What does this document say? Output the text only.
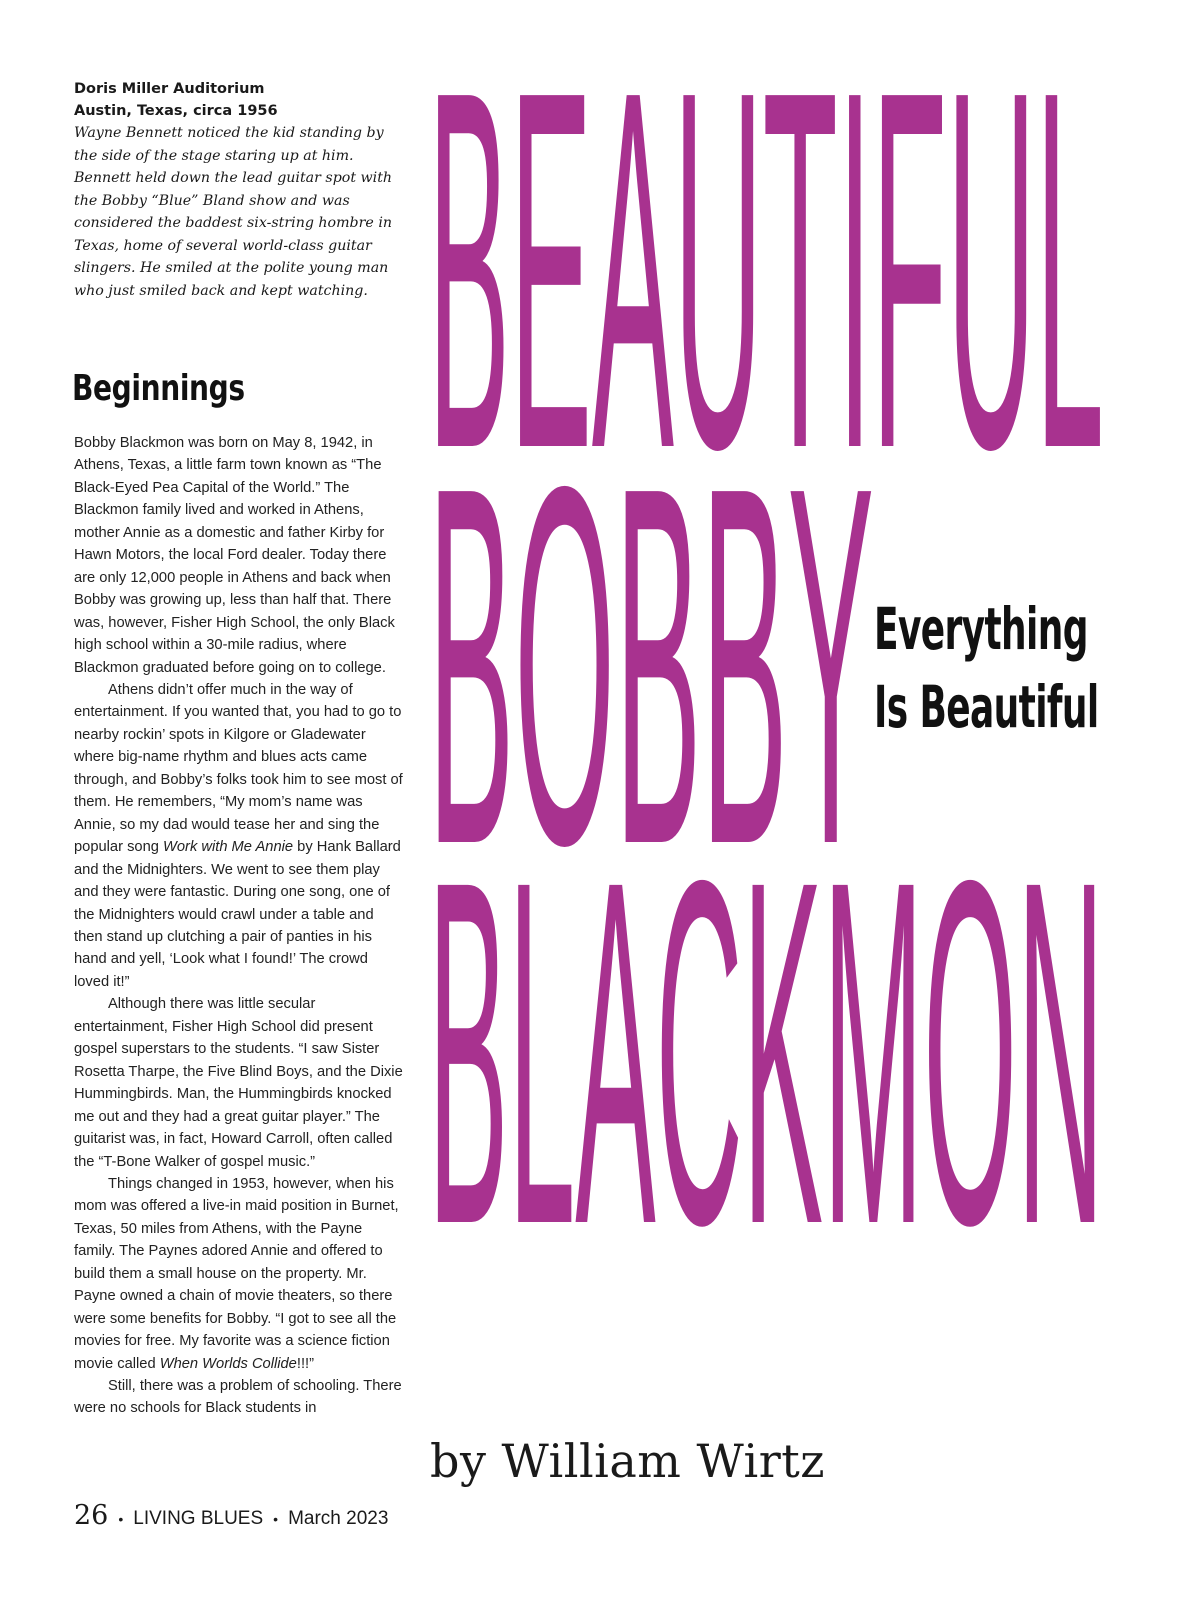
Doris Miller Auditorium
Austin, Texas, circa 1956

Wayne Bennett noticed the kid standing by the side of the stage staring up at him. Bennett held down the lead guitar spot with the Bobby “Blue” Bland show and was considered the baddest six-string hombre in Texas, home of several world-class guitar slingers. He smiled at the polite young man who just smiled back and kept watching.

Beginnings

Bobby Blackmon was born on May 8, 1942, in Athens, Texas, a little farm town known as “The Black-Eyed Pea Capital of the World.” The Blackmon family lived and worked in Athens, mother Annie as a domestic and father Kirby for Hawn Motors, the local Ford dealer. Today there are only 12,000 people in Athens and back when Bobby was growing up, less than half that. There was, however, Fisher High School, the only Black high school within a 30-mile radius, where Blackmon graduated before going on to college.

Athens didn’t offer much in the way of entertainment. If you wanted that, you had to go to nearby rockin’ spots in Kilgore or Gladewater where big-name rhythm and blues acts came through, and Bobby’s folks took him to see most of them. He remembers, “My mom’s name was Annie, so my dad would tease her and sing the popular song Work with Me Annie by Hank Ballard and the Midnighters. We went to see them play and they were fantastic. During one song, one of the Midnighters would crawl under a table and then stand up clutching a pair of panties in his hand and yell, ‘Look what I found!’ The crowd loved it!”

Although there was little secular entertainment, Fisher High School did present gospel superstars to the students. “I saw Sister Rosetta Tharpe, the Five Blind Boys, and the Dixie Hummingbirds. Man, the Hummingbirds knocked me out and they had a great guitar player.” The guitarist was, in fact, Howard Carroll, often called the “T-Bone Walker of gospel music.”

Things changed in 1953, however, when his mom was offered a live-in maid position in Burnet, Texas, 50 miles from Athens, with the Payne family. The Paynes adored Annie and offered to build them a small house on the property. Mr. Payne owned a chain of movie theaters, so there were some benefits for Bobby. “I got to see all the movies for free. My favorite was a science fiction movie called When Worlds Collide!!!”

Still, there was a problem of schooling. There were no schools for Black students in

BEAUTIFUL
BOBBY
BLACKMON
Everything
Is Beautiful
by William Wirtz
26 • LIVING BLUES • March 2023
